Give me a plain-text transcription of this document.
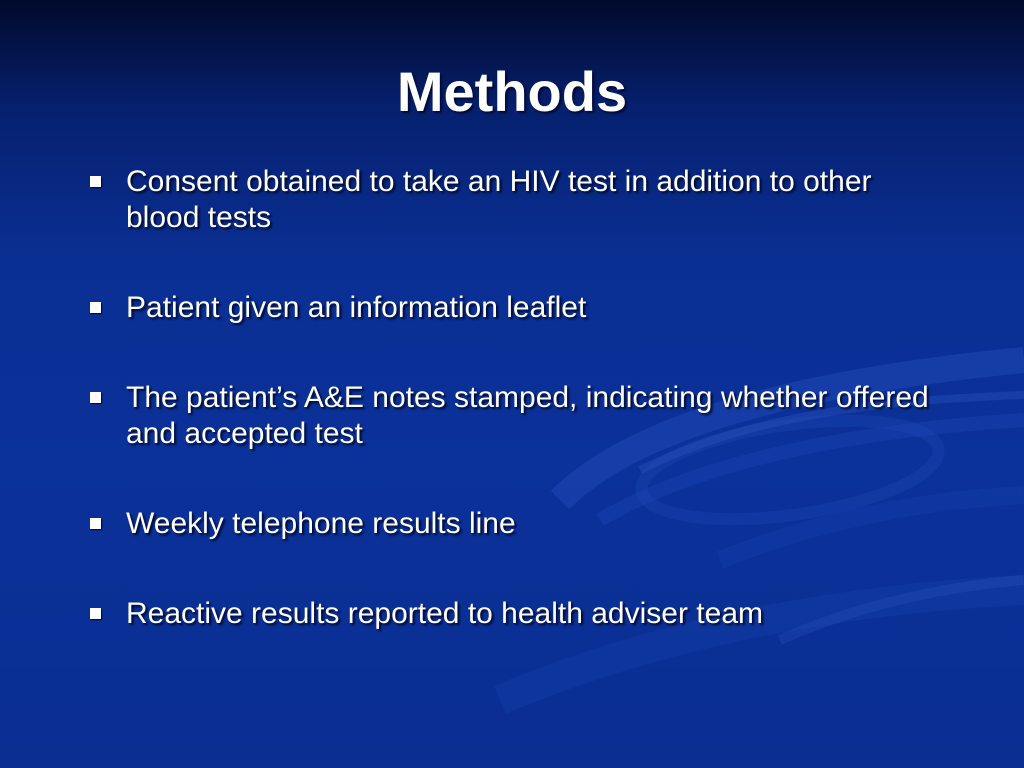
Methods
Consent obtained to take an HIV test in addition to other blood tests
Patient given an information leaflet
The patient’s A&E notes stamped, indicating whether offered and accepted test
Weekly telephone results line
Reactive results reported to health adviser team
